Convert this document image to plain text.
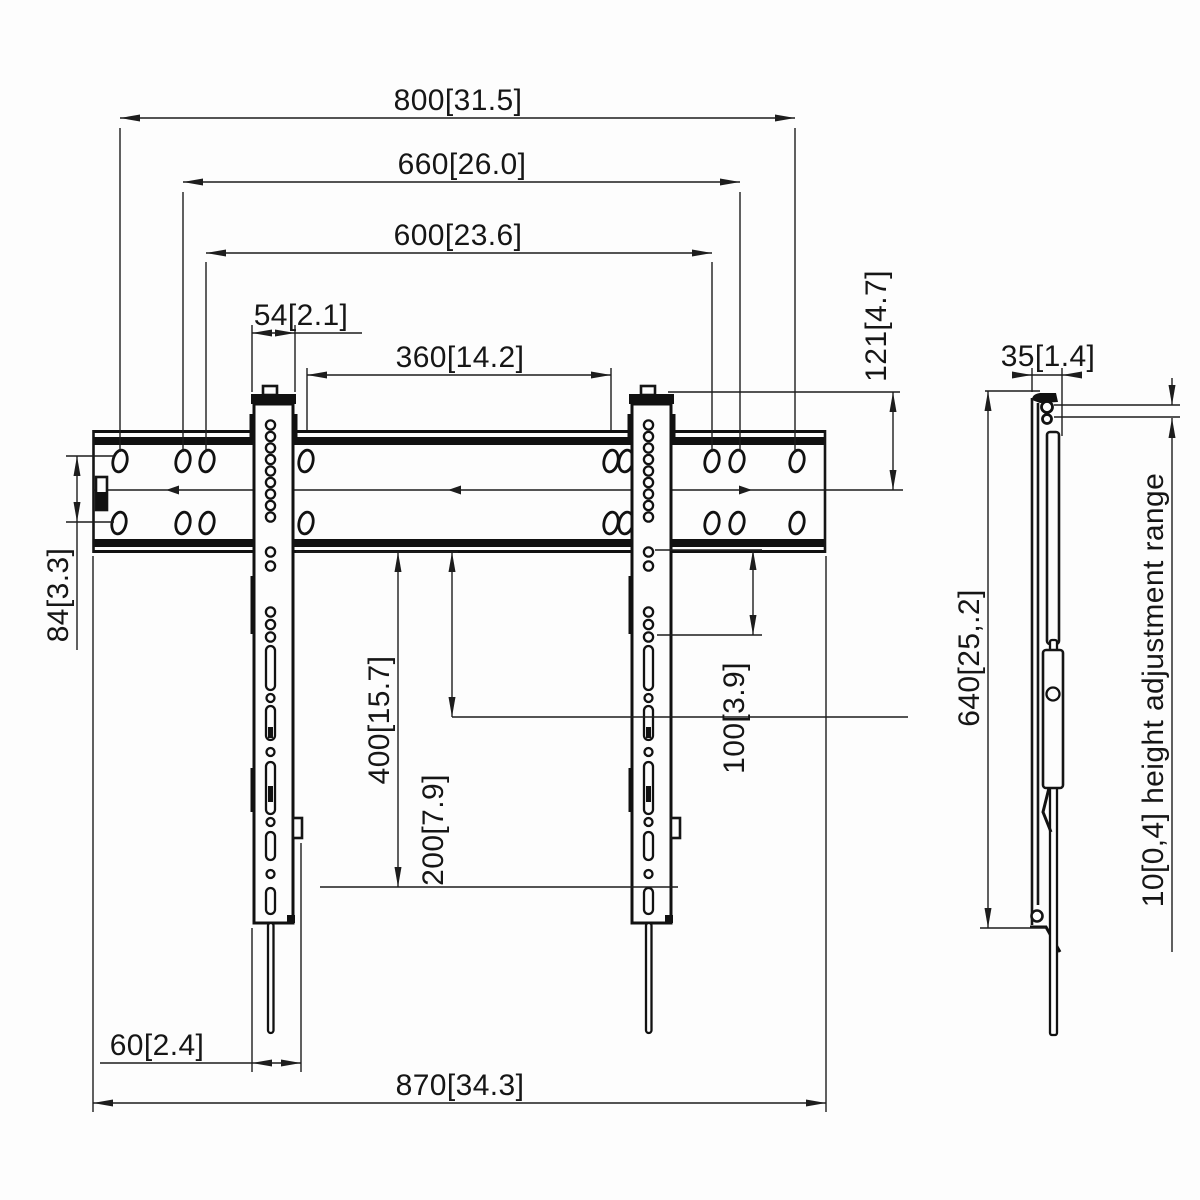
800[31.5]
660[26.0]
600[23.6]
54[2.1]
360[14.2]	121[4.7]
84[3.3]
400[15.7]
200[7.9]
100[3.9]
60[2.4]
870[34.3]
35[1.4]
640[25,.2]	10[0,4] height adjustment range
